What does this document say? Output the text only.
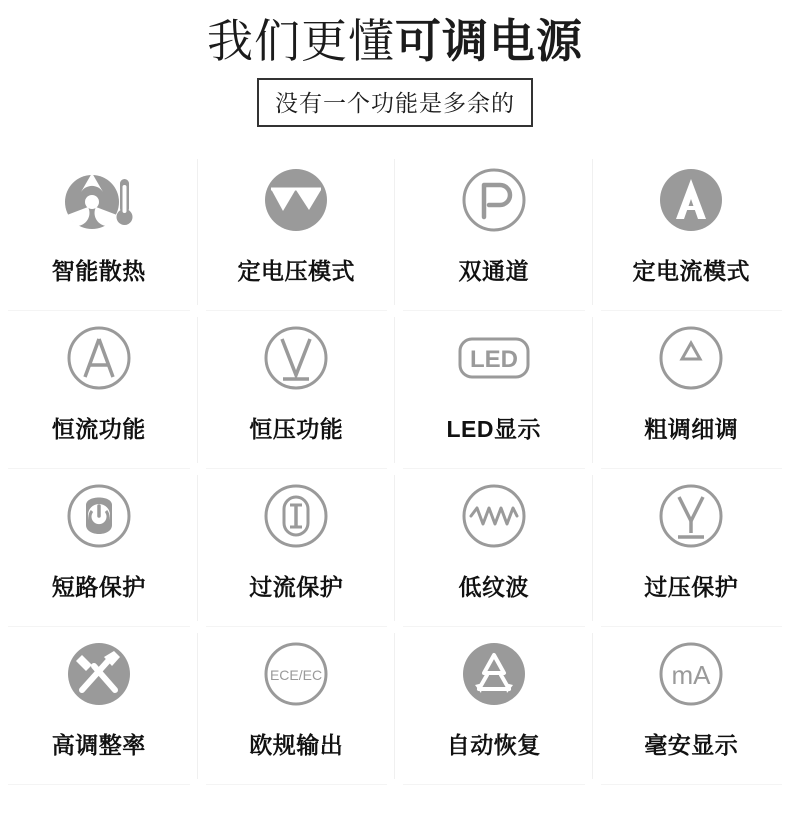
我们更懂可调电源
没有一个功能是多余的
智能散热	定电压模式	双通道	定电流模式
恒流功能	恒压功能
LED
LED显示	粗调细调
短路保护	过流保护	低纹波	过压保护
高调整率
ECE/EC
欧规输出	自动恢复
mA
毫安显示
